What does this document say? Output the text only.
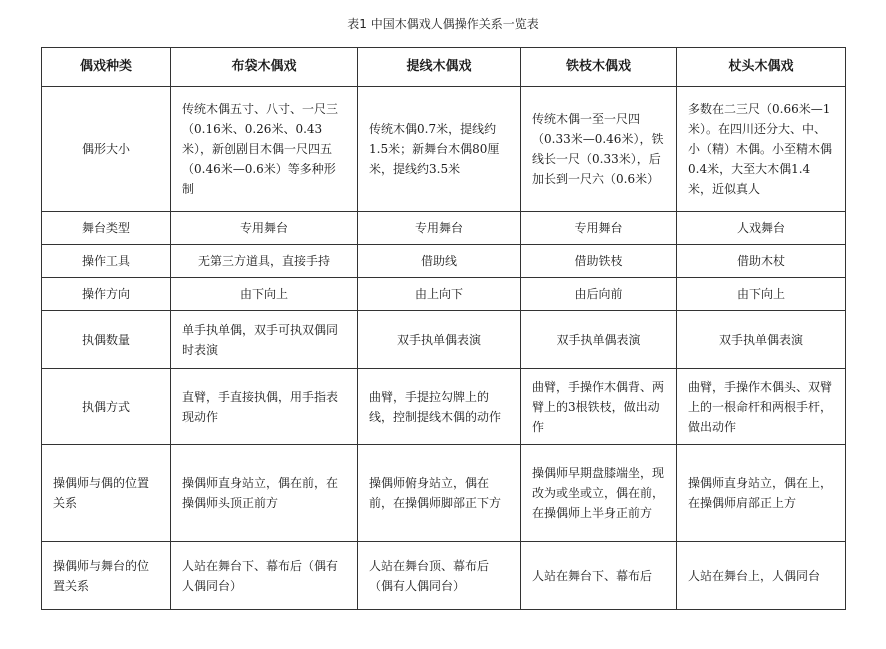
表1 中国木偶戏人偶操作关系一览表
偶戏种类	布袋木偶戏	提线木偶戏	铁枝木偶戏	杖头木偶戏
偶形大小	传统木偶五寸、八寸、一尺三（0.16米、0.26米、0.43米），新创剧目木偶一尺四五（0.46米—0.6米）等多种形制	传统木偶0.7米，提线约1.5米；新舞台木偶80厘米，提线约3.5米	传统木偶一至一尺四（0.33米—0.46米），铁线长一尺（0.33米），后加长到一尺六（0.6米）	多数在二三尺（0.66米—1米）。在四川还分大、中、小（精）木偶。小至精木偶0.4米，大至大木偶1.4米，近似真人
舞台类型	专用舞台	专用舞台	专用舞台	人戏舞台
操作工具	无第三方道具，直接手持	借助线	借助铁枝	借助木杖
操作方向	由下向上	由上向下	由后向前	由下向上
执偶数量	单手执单偶，双手可执双偶同时表演	双手执单偶表演	双手执单偶表演	双手执单偶表演
执偶方式	直臂，手直接执偶，用手指表现动作	曲臂，手提拉勾牌上的线，控制提线木偶的动作	曲臂，手操作木偶背、两臂上的3根铁枝，做出动作	曲臂，手操作木偶头、双臂上的一根命杆和两根手杆，做出动作
操偶师与偶的位置关系	操偶师直身站立，偶在前，在操偶师头顶正前方	操偶师俯身站立，偶在前，在操偶师脚部正下方	操偶师早期盘膝端坐，现改为或坐或立，偶在前，在操偶师上半身正前方	操偶师直身站立，偶在上，在操偶师肩部正上方
操偶师与舞台的位置关系	人站在舞台下、幕布后（偶有人偶同台）	人站在舞台顶、幕布后（偶有人偶同台）	人站在舞台下、幕布后	人站在舞台上，人偶同台
